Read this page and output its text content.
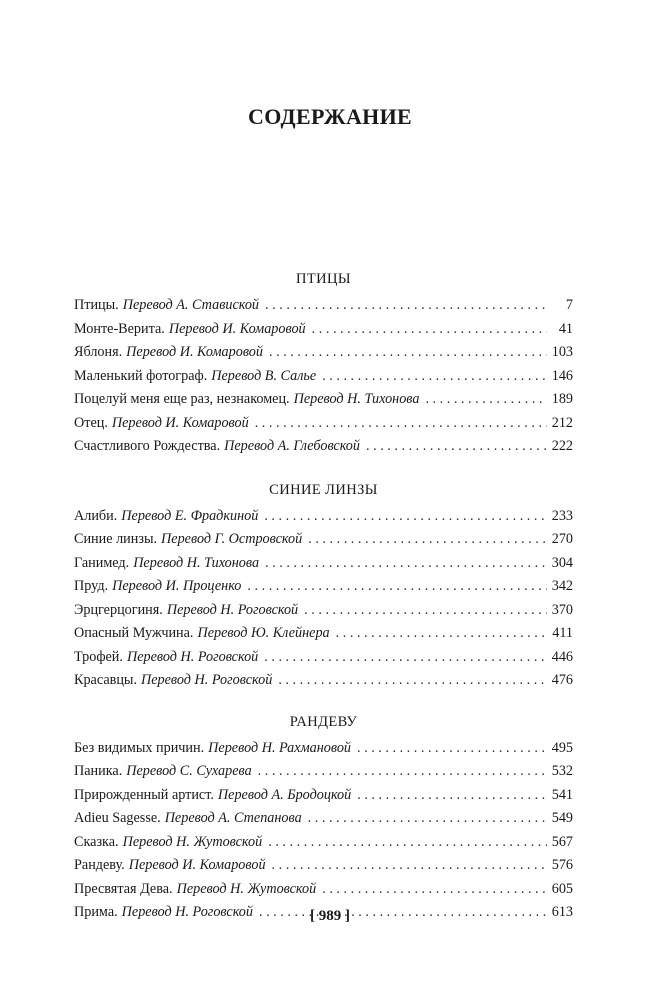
СОДЕРЖАНИЕ
ПТИЦЫ
Птицы. Перевод А. Ставиской . . .	7
Монте-Верита. Перевод И. Комаровой . . .	41
Яблоня. Перевод И. Комаровой . . .	103
Маленький фотограф. Перевод В. Салье . . .	146
Поцелуй меня еще раз, незнакомец. Перевод Н. Тихонова . . .	189
Отец. Перевод И. Комаровой . . .	212
Счастливого Рождества. Перевод А. Глебовской . . .	222
СИНИЕ ЛИНЗЫ
Алиби. Перевод Е. Фрадкиной . . .	233
Синие линзы. Перевод Г. Островской . . .	270
Ганимед. Перевод Н. Тихонова . . .	304
Пруд. Перевод И. Проценко . . .	342
Эрцгерцогиня. Перевод Н. Роговской . . .	370
Опасный Мужчина. Перевод Ю. Клейнера . . .	411
Трофей. Перевод Н. Роговской . . .	446
Красавцы. Перевод Н. Роговской . . .	476
РАНДЕВУ
Без видимых причин. Перевод Н. Рахмановой . . .	495
Паника. Перевод С. Сухарева . . .	532
Прирожденный артист. Перевод А. Бродоцкой . . .	541
Adieu Sagesse. Перевод А. Степанова . . .	549
Сказка. Перевод Н. Жутовской . . .	567
Рандеву. Перевод И. Комаровой . . .	576
Пресвятая Дева. Перевод Н. Жутовской . . .	605
Прима. Перевод Н. Роговской . . .	613
[ 989 ]
